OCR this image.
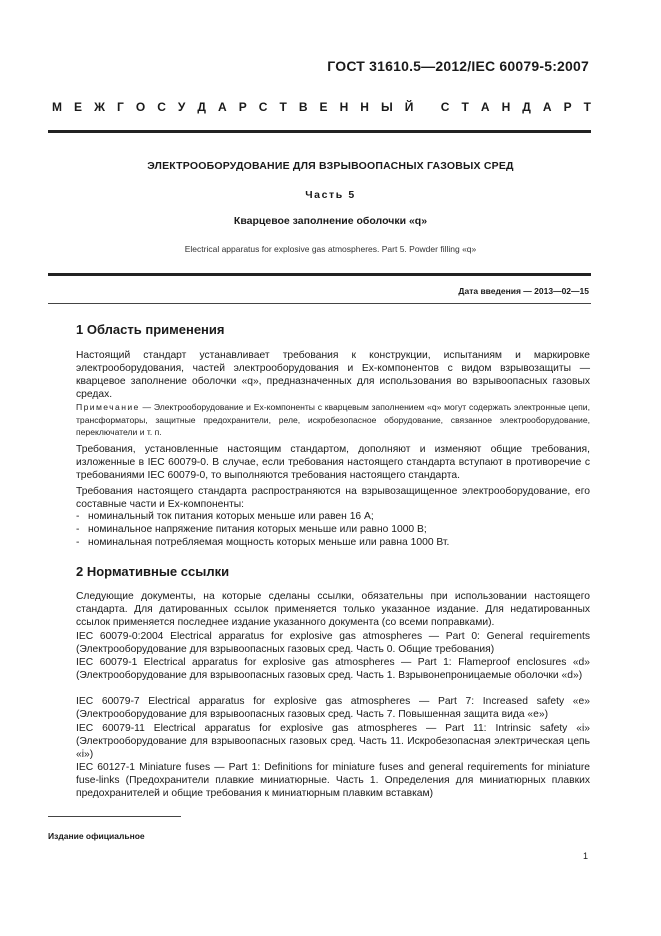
ГОСТ 31610.5—2012/IEC 60079-5:2007
М Е Ж Г О С У Д А Р С Т В Е Н Н Ы Й
С Т А Н Д А Р Т
ЭЛЕКТРООБОРУДОВАНИЕ ДЛЯ ВЗРЫВООПАСНЫХ ГАЗОВЫХ СРЕД
Часть 5
Кварцевое заполнение оболочки «q»
Electrical apparatus for explosive gas atmospheres. Part 5. Powder filling «q»
Дата введения — 2013—02—15
1 Область применения

Настоящий стандарт устанавливает требования к конструкции, испытаниям и маркировке электрооборудования, частей электрооборудования и Ех-компонентов с видом взрывозащиты — кварцевое заполнение оболочки «q», предназначенных для использования во взрывоопасных газовых средах.

Примечание — Электрооборудование и Ех-компоненты с кварцевым заполнением «q» могут содержать электронные цепи, трансформаторы, защитные предохранители, реле, искробезопасное оборудование, связанное электрооборудование, переключатели и т. п.

Требования, установленные настоящим стандартом, дополняют и изменяют общие требования, изложенные в IEC 60079-0. В случае, если требования настоящего стандарта вступают в противоречие с требованиями IEC 60079-0, то выполняются требования настоящего стандарта.

Требования настоящего стандарта распространяются на взрывозащищенное электрооборудование, его составные части и Ех-компоненты:

- номинальный ток питания которых меньше или равен 16 А;
- номинальное напряжение питания которых меньше или равно 1000 В;
- номинальная потребляемая мощность которых меньше или равна 1000 Вт.
2 Нормативные ссылки

Следующие документы, на которые сделаны ссылки, обязательны при использовании настоящего стандарта. Для датированных ссылок применяется только указанное издание. Для недатированных ссылок применяется последнее издание указанного документа (со всеми поправками).

IEC 60079-0:2004 Electrical apparatus for explosive gas atmospheres — Part 0: General requirements (Электрооборудование для взрывоопасных газовых сред. Часть 0. Общие требования)

IEC 60079-1 Electrical apparatus for explosive gas atmospheres — Part 1: Flameproof enclosures «d» (Электрооборудование для взрывоопасных газовых сред. Часть 1. Взрывонепроницаемые оболочки «d»)

IEC 60079-7 Electrical apparatus for explosive gas atmospheres — Part 7: Increased safety «e» (Электрооборудование для взрывоопасных газовых сред. Часть 7. Повышенная защита вида «e»)

IEC 60079-11 Electrical apparatus for explosive gas atmospheres — Part 11: Intrinsic safety «i» (Электрооборудование для взрывоопасных газовых сред. Часть 11. Искробезопасная электрическая цепь «i»)

IEC 60127-1 Miniature fuses — Part 1: Definitions for miniature fuses and general requirements for miniature fuse-links (Предохранители плавкие миниатюрные. Часть 1. Определения для миниатюрных плавких предохранителей и общие требования к миниатюрным плавким вставкам)

Издание официальное
1
